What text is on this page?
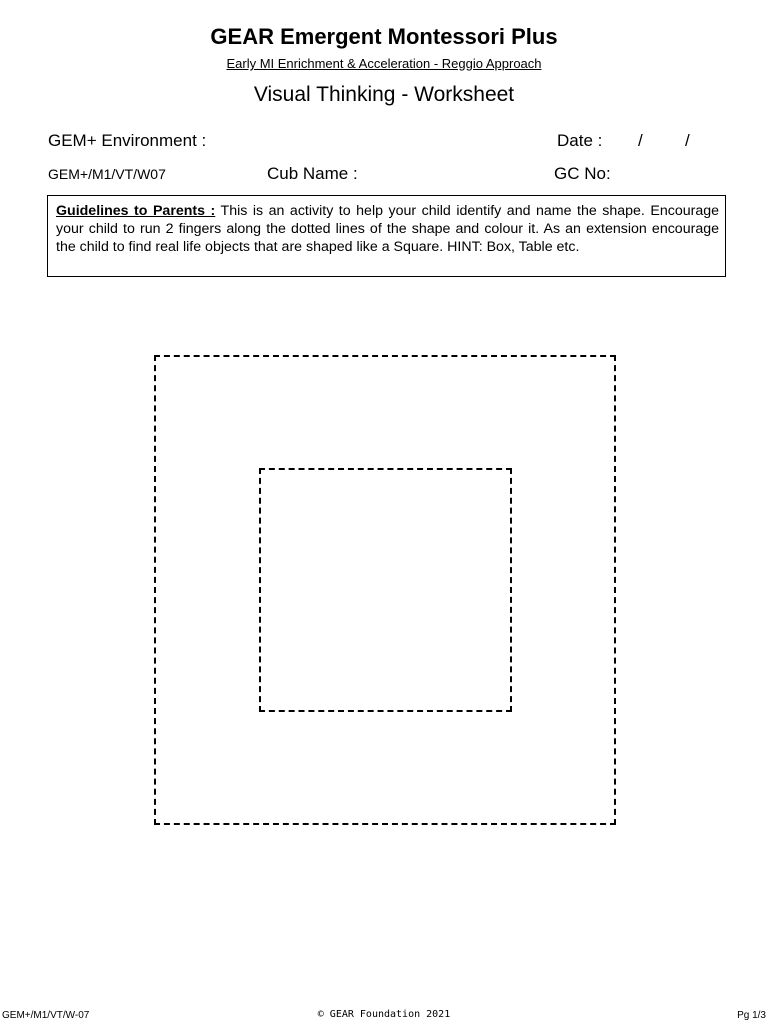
GEAR Emergent Montessori Plus
Early MI Enrichment & Acceleration - Reggio Approach
Visual Thinking - Worksheet
GEM+ Environment :	Date : / /
GEM+/M1/VT/W07	Cub Name :	GC No:
Guidelines to Parents : This is an activity to help your child identify and name the shape. Encourage your child to run 2 fingers along the dotted lines of the shape and colour it. As an extension encourage the child to find real life objects that are shaped like a Square. HINT: Box, Table etc.
GEM+/M1/VT/W-07	© GEAR Foundation 2021	Pg 1/3
